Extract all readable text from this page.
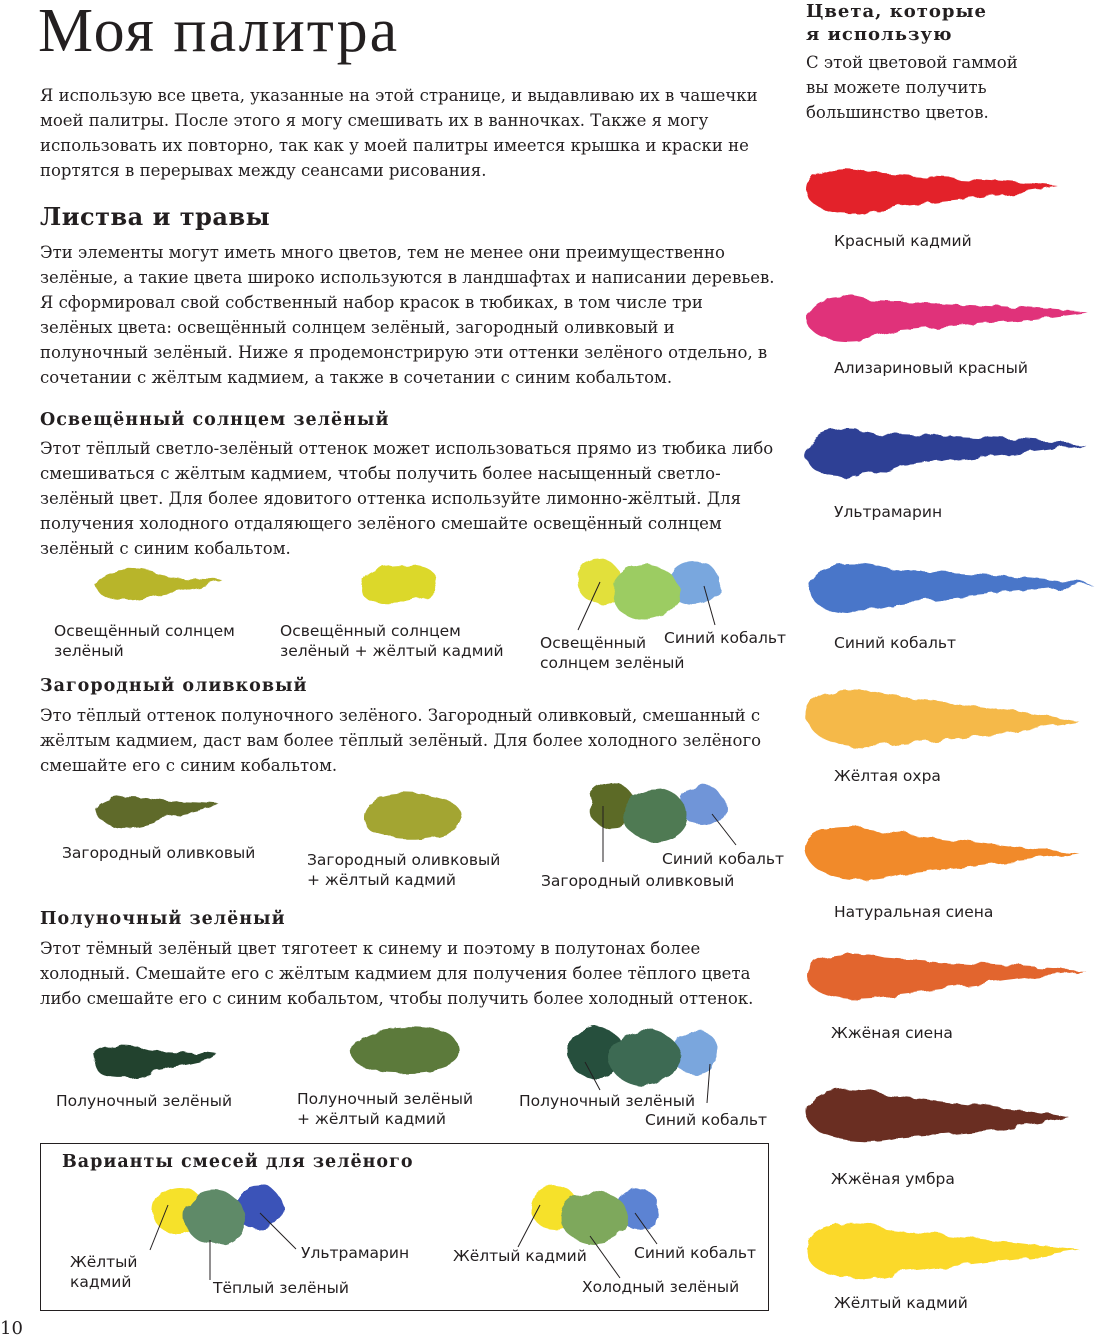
Моя палитра
Я использую все цвета, указанные на этой странице, и выдавливаю их в чашечки моей палитры. После этого я могу смешивать их в ванночках. Также я могу использовать их повторно, так как у моей палитры имеется крышка и краски не портятся в перерывах между сеансами рисования.
Листва и травы
Эти элементы могут иметь много цветов, тем не менее они преимущественно зелёные, а такие цвета широко используются в ландшафтах и написании деревьев. Я сформировал свой собственный набор красок в тюбиках, в том числе три зелёных цвета: освещённый солнцем зелёный, загородный оливковый и полуночный зелёный. Ниже я продемонстрирую эти оттенки зелёного отдельно, в сочетании с жёлтым кадмием, а также в сочетании с синим кобальтом.
Освещённый солнцем зелёный
Этот тёплый светло-зелёный оттенок может использоваться прямо из тюбика либо смешиваться с жёлтым кадмием, чтобы получить более насыщенный светло-зелёный цвет. Для более ядовитого оттенка используйте лимонно-жёлтый. Для получения холодного отдаляющего зелёного смешайте освещённый солнцем зелёный с синим кобальтом.
Загородный оливковый
Это тёплый оттенок полуночного зелёного. Загородный оливковый, смешанный с жёлтым кадмием, даст вам более тёплый зелёный. Для более холодного зелёного смешайте его с синим кобальтом.
Полуночный зелёный
Этот тёмный зелёный цвет тяготеет к синему и поэтому в полутонах более холодный. Смешайте его с жёлтым кадмием для получения более тёплого цвета либо смешайте его с синим кобальтом, чтобы получить более холодный оттенок.
Освещённый солнцем
зелёный
Освещённый солнцем
зелёный + жёлтый кадмий Освещённый
солнцем зелёный
Синий кобальт
Загородный оливковый	Загородный оливковый
+ жёлтый кадмий	Загородный оливковый
Синий кобальт
Полуночный зелёный	Полуночный зелёный
+ жёлтый кадмий
Полуночный зелёный
Синий кобальт
Варианты смесей для зелёного
Жёлтый
кадмий	Тёплый зелёный
Ультрамарин	Жёлтый кадмий
Холодный зелёный
Синий кобальт
Цвета, которые
я использую
С этой цветовой гаммой
вы можете получить
большинство цветов.
Красный кадмий
Ализариновый красный
Ультрамарин
Синий кобальт
Жёлтая охра
Натуральная сиена
Жжёная сиена
Жжёная умбра
Жёлтый кадмий
10
